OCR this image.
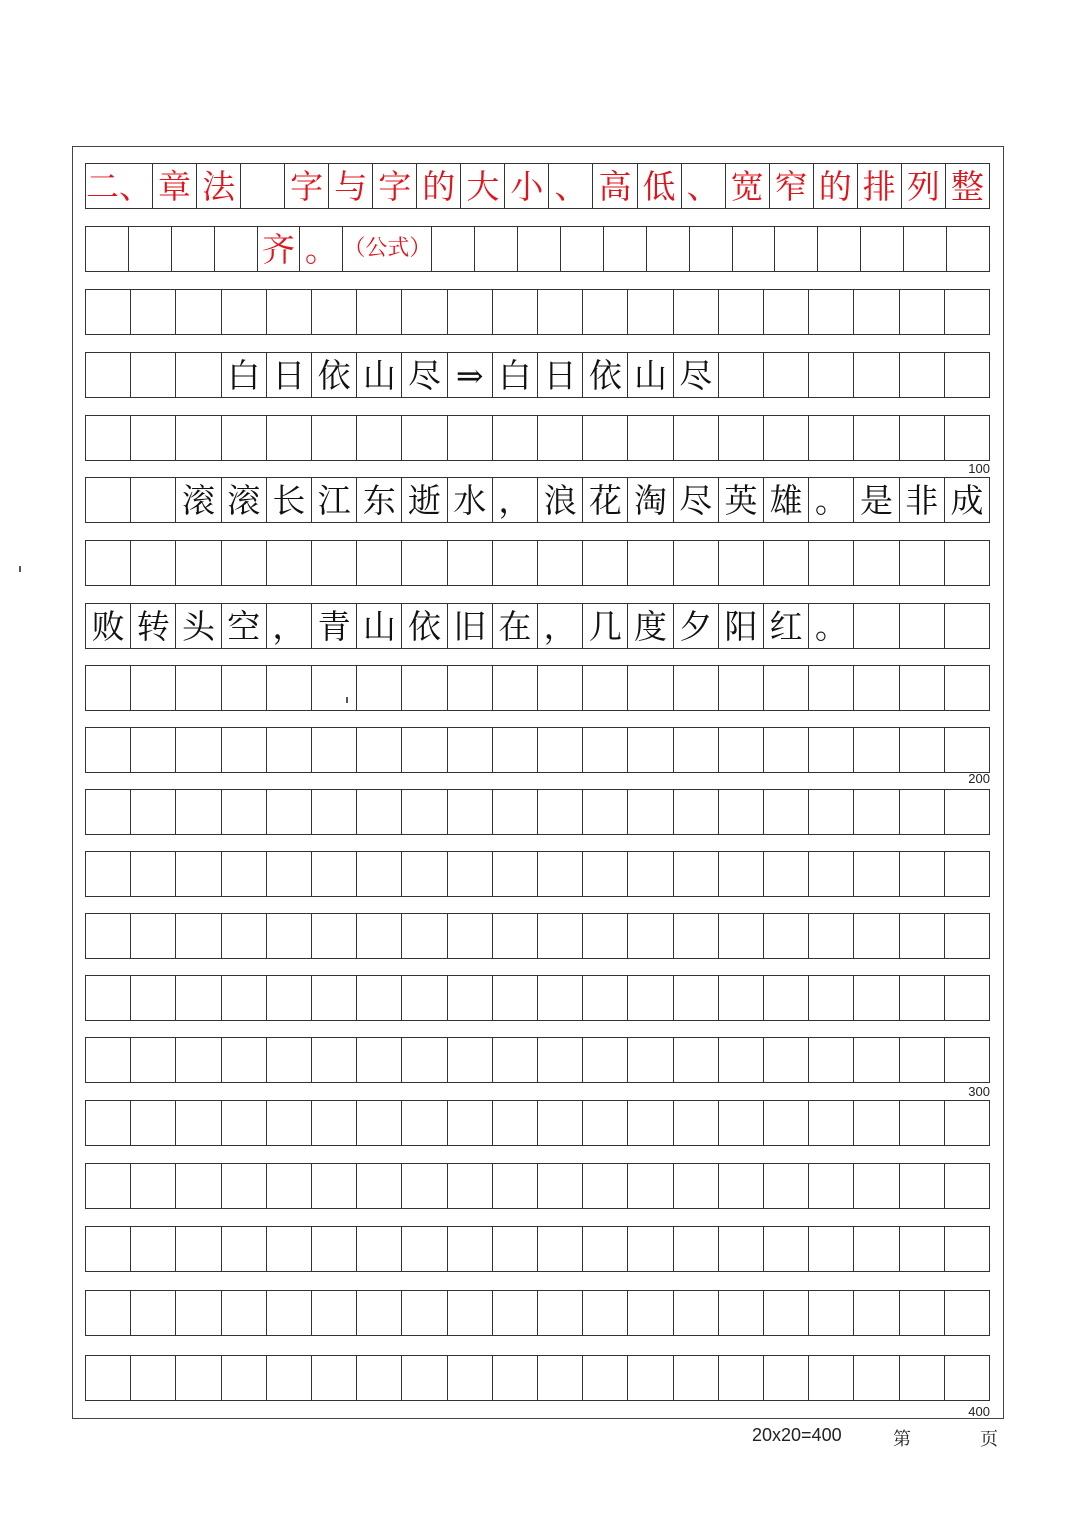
二、 章 法 字 与 字 的 大 小 、 高 低 、 宽 窄 的 排 列 整
齐 。 （公式）
白 日 依 山 尽 ⇒ 白 日 依 山 尽
滚 滚 长 江 东 逝 水 ， 浪 花 淘 尽 英 雄 。 是 非 成
败 转 头 空 ， 青 山 依 旧 在 ， 几 度 夕 阳 红 。
100
200
300
400
20x20=400	第	页
